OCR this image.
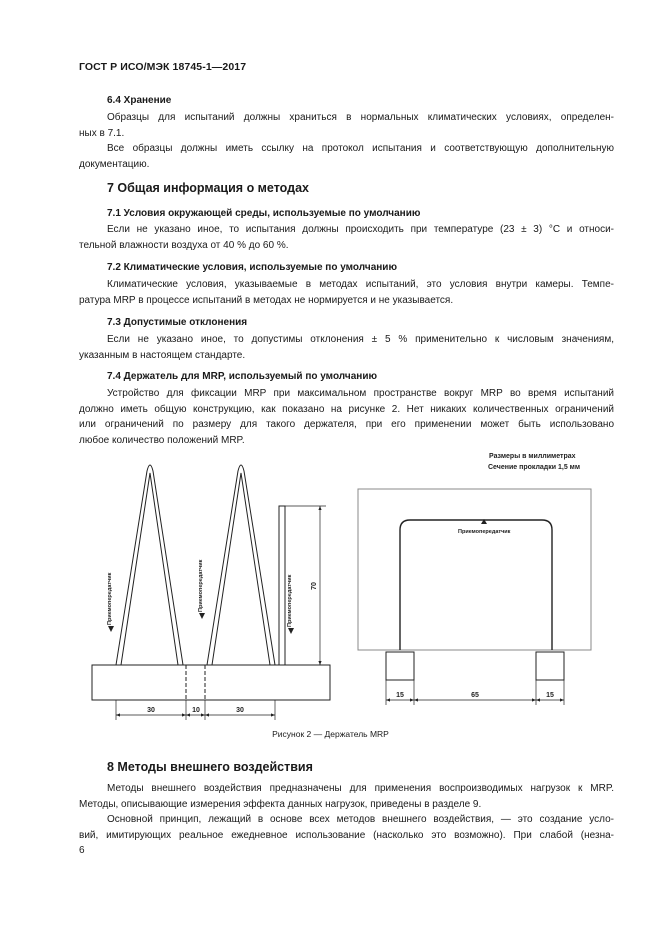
ГОСТ Р ИСО/МЭК 18745-1—2017
6.4 Хранение
Образцы для испытаний должны храниться в нормальных климатических условиях, определен-
ных в 7.1.
Все образцы должны иметь ссылку на протокол испытания и соответствующую дополнительную
документацию.
7 Общая информация о методах
7.1 Условия окружающей среды, используемые по умолчанию
Если не указано иное, то испытания должны происходить при температуре (23 ± 3) °С и относи-
тельной влажности воздуха от 40 % до 60 %.
7.2 Климатические условия, используемые по умолчанию
Климатические условия, указываемые в методах испытаний, это условия внутри камеры. Темпе-
ратура MRP в процессе испытаний в методах не нормируется и не указывается.
7.3 Допустимые отклонения
Если не указано иное, то допустимы отклонения ± 5 % применительно к числовым значениям,
указанным в настоящем стандарте.
7.4 Держатель для MRP, используемый по умолчанию
Устройство для фиксации MRP при максимальном пространстве вокруг MRP во время испытаний
должно иметь общую конструкцию, как показано на рисунке 2. Нет никаких количественных ограничений
или ограничений по размеру для такого держателя, при его применении может быть использовано
любое количество положений MRP.
Приемопередатчик	Приемопередатчик	Приемопередатчик
Приемопередатчик
Размеры в миллиметрах
Сечение прокладки 1,5 мм
30	10	30
70
15	65	15
Рисунок 2 — Держатель MRP
8 Методы внешнего воздействия
Методы внешнего воздействия предназначены для применения воспроизводимых нагрузок к MRP.
Методы, описывающие измерения эффекта данных нагрузок, приведены в разделе 9.
Основной принцип, лежащий в основе всех методов внешнего воздействия, — это создание усло-
вий, имитирующих реальное ежедневное использование (насколько это возможно). При слабой (незна-
6
